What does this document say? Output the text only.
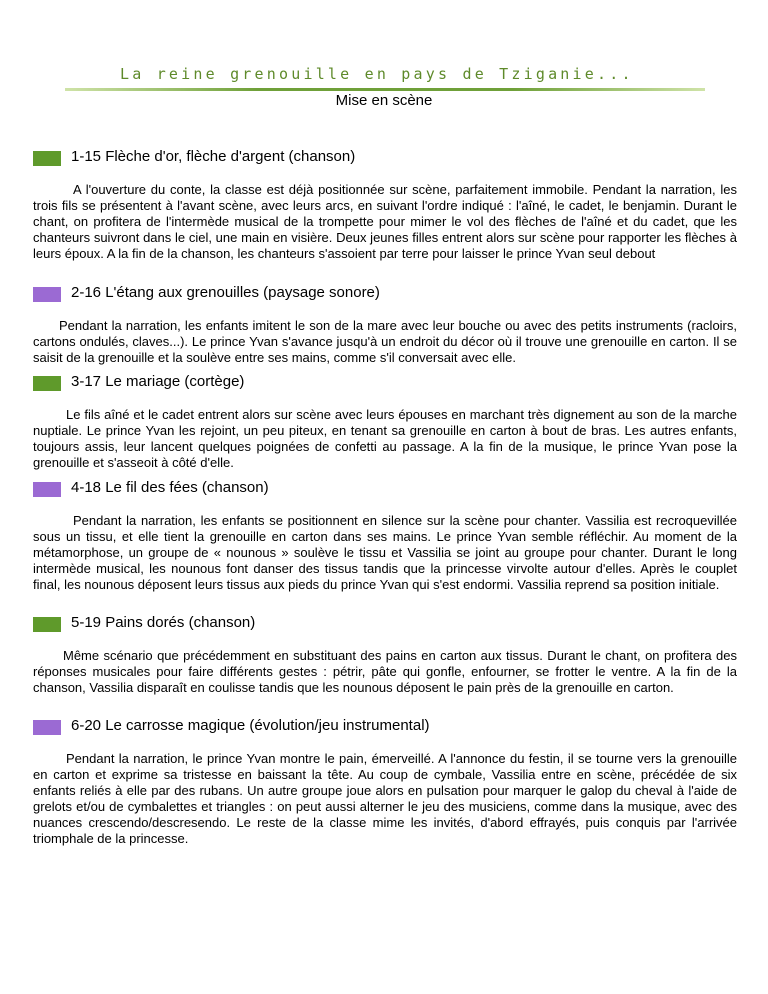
La reine grenouille en pays de Tziganie...
Mise en scène
1-15 Flèche d'or, flèche d'argent (chanson)
A l'ouverture du conte, la classe est déjà positionnée sur scène, parfaitement immobile. Pendant la narration, les trois fils se présentent à l'avant scène, avec leurs arcs, en suivant l'ordre indiqué : l'aîné, le cadet, le benjamin. Durant le chant, on profitera de l'intermède musical de la trompette pour mimer le vol des flèches de l'aîné et du cadet, que les chanteurs suivront dans le ciel, une main en visière. Deux jeunes filles entrent alors sur scène pour rapporter les flèches à leurs époux. A la fin de la chanson, les chanteurs s'assoient par terre pour laisser le prince Yvan seul debout
2-16 L'étang aux grenouilles (paysage sonore)
Pendant la narration, les enfants imitent le son de la mare avec leur bouche ou avec des petits instruments (racloirs, cartons ondulés, claves...). Le prince Yvan s'avance jusqu'à un endroit du décor où il trouve une grenouille en carton. Il se saisit de la grenouille et la soulève entre ses mains, comme s'il conversait avec elle.
3-17 Le mariage (cortège)
Le fils aîné et le cadet entrent alors sur scène avec leurs épouses en marchant très dignement au son de la marche nuptiale. Le prince Yvan les rejoint, un peu piteux, en tenant sa grenouille en carton à bout de bras. Les autres enfants, toujours assis, leur lancent quelques poignées de confetti au passage. A la fin de la musique, le prince Yvan pose la grenouille et s'asseoit à côté d'elle.
4-18 Le fil des fées (chanson)
Pendant la narration, les enfants se positionnent en silence sur la scène pour chanter. Vassilia est recroquevillée sous un tissu, et elle tient la grenouille en carton dans ses mains. Le prince Yvan semble réfléchir. Au moment de la métamorphose, un groupe de « nounous » soulève le tissu et Vassilia se joint au groupe pour chanter. Durant le long intermède musical, les nounous font danser des tissus tandis que la princesse virvolte autour d'elles. Après le couplet final, les nounous déposent leurs tissus aux pieds du prince Yvan qui s'est endormi. Vassilia reprend sa position initiale.
5-19 Pains dorés (chanson)
Même scénario que précédemment en substituant des pains en carton aux tissus. Durant le chant, on profitera des réponses musicales pour faire différents gestes : pétrir, pâte qui gonfle, enfourner, se frotter le ventre. A la fin de la chanson, Vassilia disparaît en coulisse tandis que les nounous déposent le pain près de la grenouille en carton.
6-20 Le carrosse magique (évolution/jeu instrumental)
Pendant la narration, le prince Yvan montre le pain, émerveillé. A l'annonce du festin, il se tourne vers la grenouille en carton et exprime sa tristesse en baissant la tête. Au coup de cymbale, Vassilia entre en scène, précédée de six enfants reliés à elle par des rubans. Un autre groupe joue alors en pulsation pour marquer le galop du cheval à l'aide de grelots et/ou de cymbalettes et triangles : on peut aussi alterner le jeu des musiciens, comme dans la musique, avec des nuances crescendo/descresendo. Le reste de la classe mime les invités, d'abord effrayés, puis conquis par l'arrivée triomphale de la princesse.
